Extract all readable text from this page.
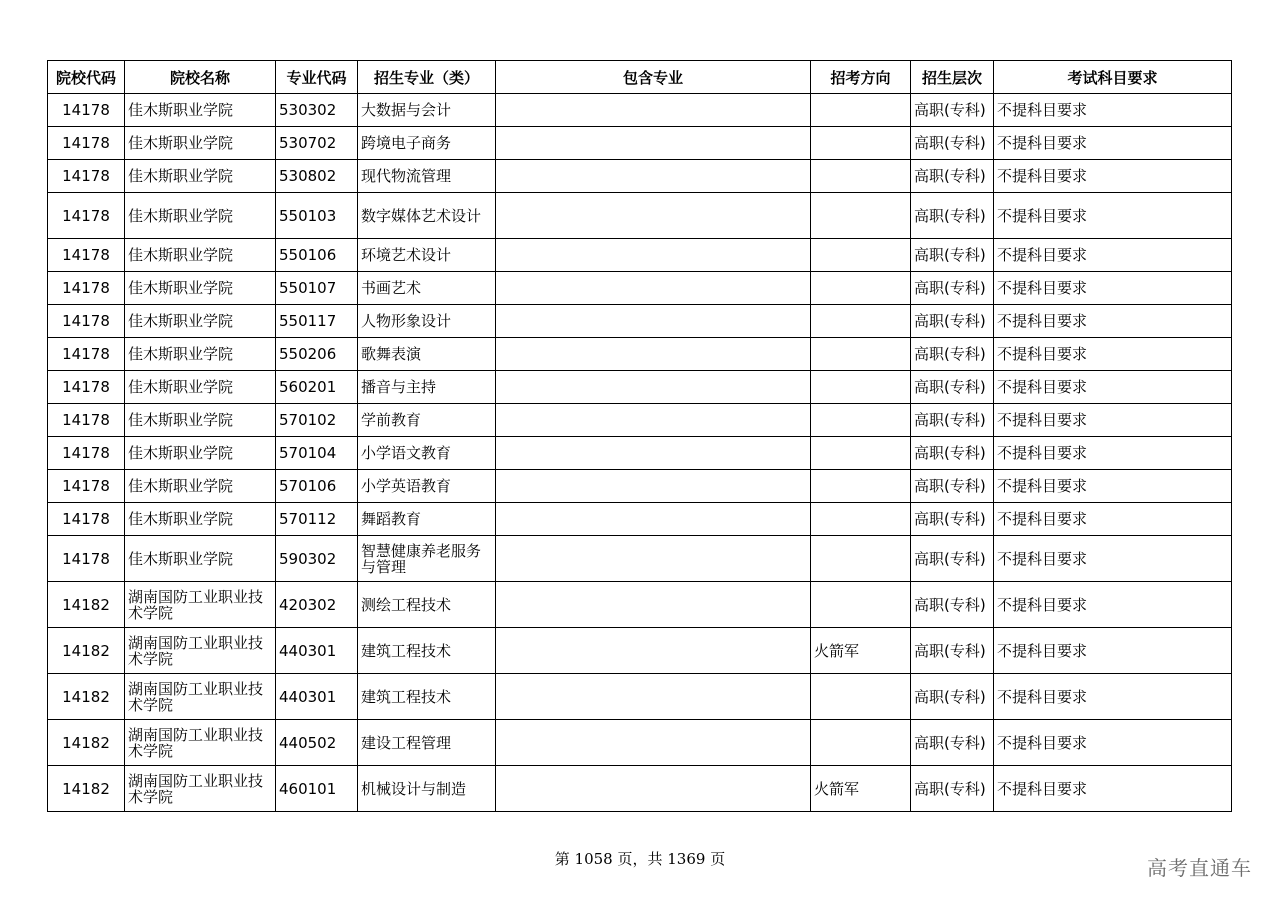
院校代码	院校名称	专业代码	招生专业（类）	包含专业	招考方向	招生层次	考试科目要求
14178	佳木斯职业学院	530302	大数据与会计			高职(专科)	不提科目要求
14178	佳木斯职业学院	530702	跨境电子商务			高职(专科)	不提科目要求
14178	佳木斯职业学院	530802	现代物流管理			高职(专科)	不提科目要求
14178	佳木斯职业学院	550103	数字媒体艺术设计			高职(专科)	不提科目要求
14178	佳木斯职业学院	550106	环境艺术设计			高职(专科)	不提科目要求
14178	佳木斯职业学院	550107	书画艺术			高职(专科)	不提科目要求
14178	佳木斯职业学院	550117	人物形象设计			高职(专科)	不提科目要求
14178	佳木斯职业学院	550206	歌舞表演			高职(专科)	不提科目要求
14178	佳木斯职业学院	560201	播音与主持			高职(专科)	不提科目要求
14178	佳木斯职业学院	570102	学前教育			高职(专科)	不提科目要求
14178	佳木斯职业学院	570104	小学语文教育			高职(专科)	不提科目要求
14178	佳木斯职业学院	570106	小学英语教育			高职(专科)	不提科目要求
14178	佳木斯职业学院	570112	舞蹈教育			高职(专科)	不提科目要求
14178	佳木斯职业学院	590302	智慧健康养老服务与管理			高职(专科)	不提科目要求
14182	湖南国防工业职业技术学院	420302	测绘工程技术			高职(专科)	不提科目要求
14182	湖南国防工业职业技术学院	440301	建筑工程技术		火箭军	高职(专科)	不提科目要求
14182	湖南国防工业职业技术学院	440301	建筑工程技术			高职(专科)	不提科目要求
14182	湖南国防工业职业技术学院	440502	建设工程管理			高职(专科)	不提科目要求
14182	湖南国防工业职业技术学院	460101	机械设计与制造		火箭军	高职(专科)	不提科目要求
第 1058 页，共 1369 页	高考直通车
